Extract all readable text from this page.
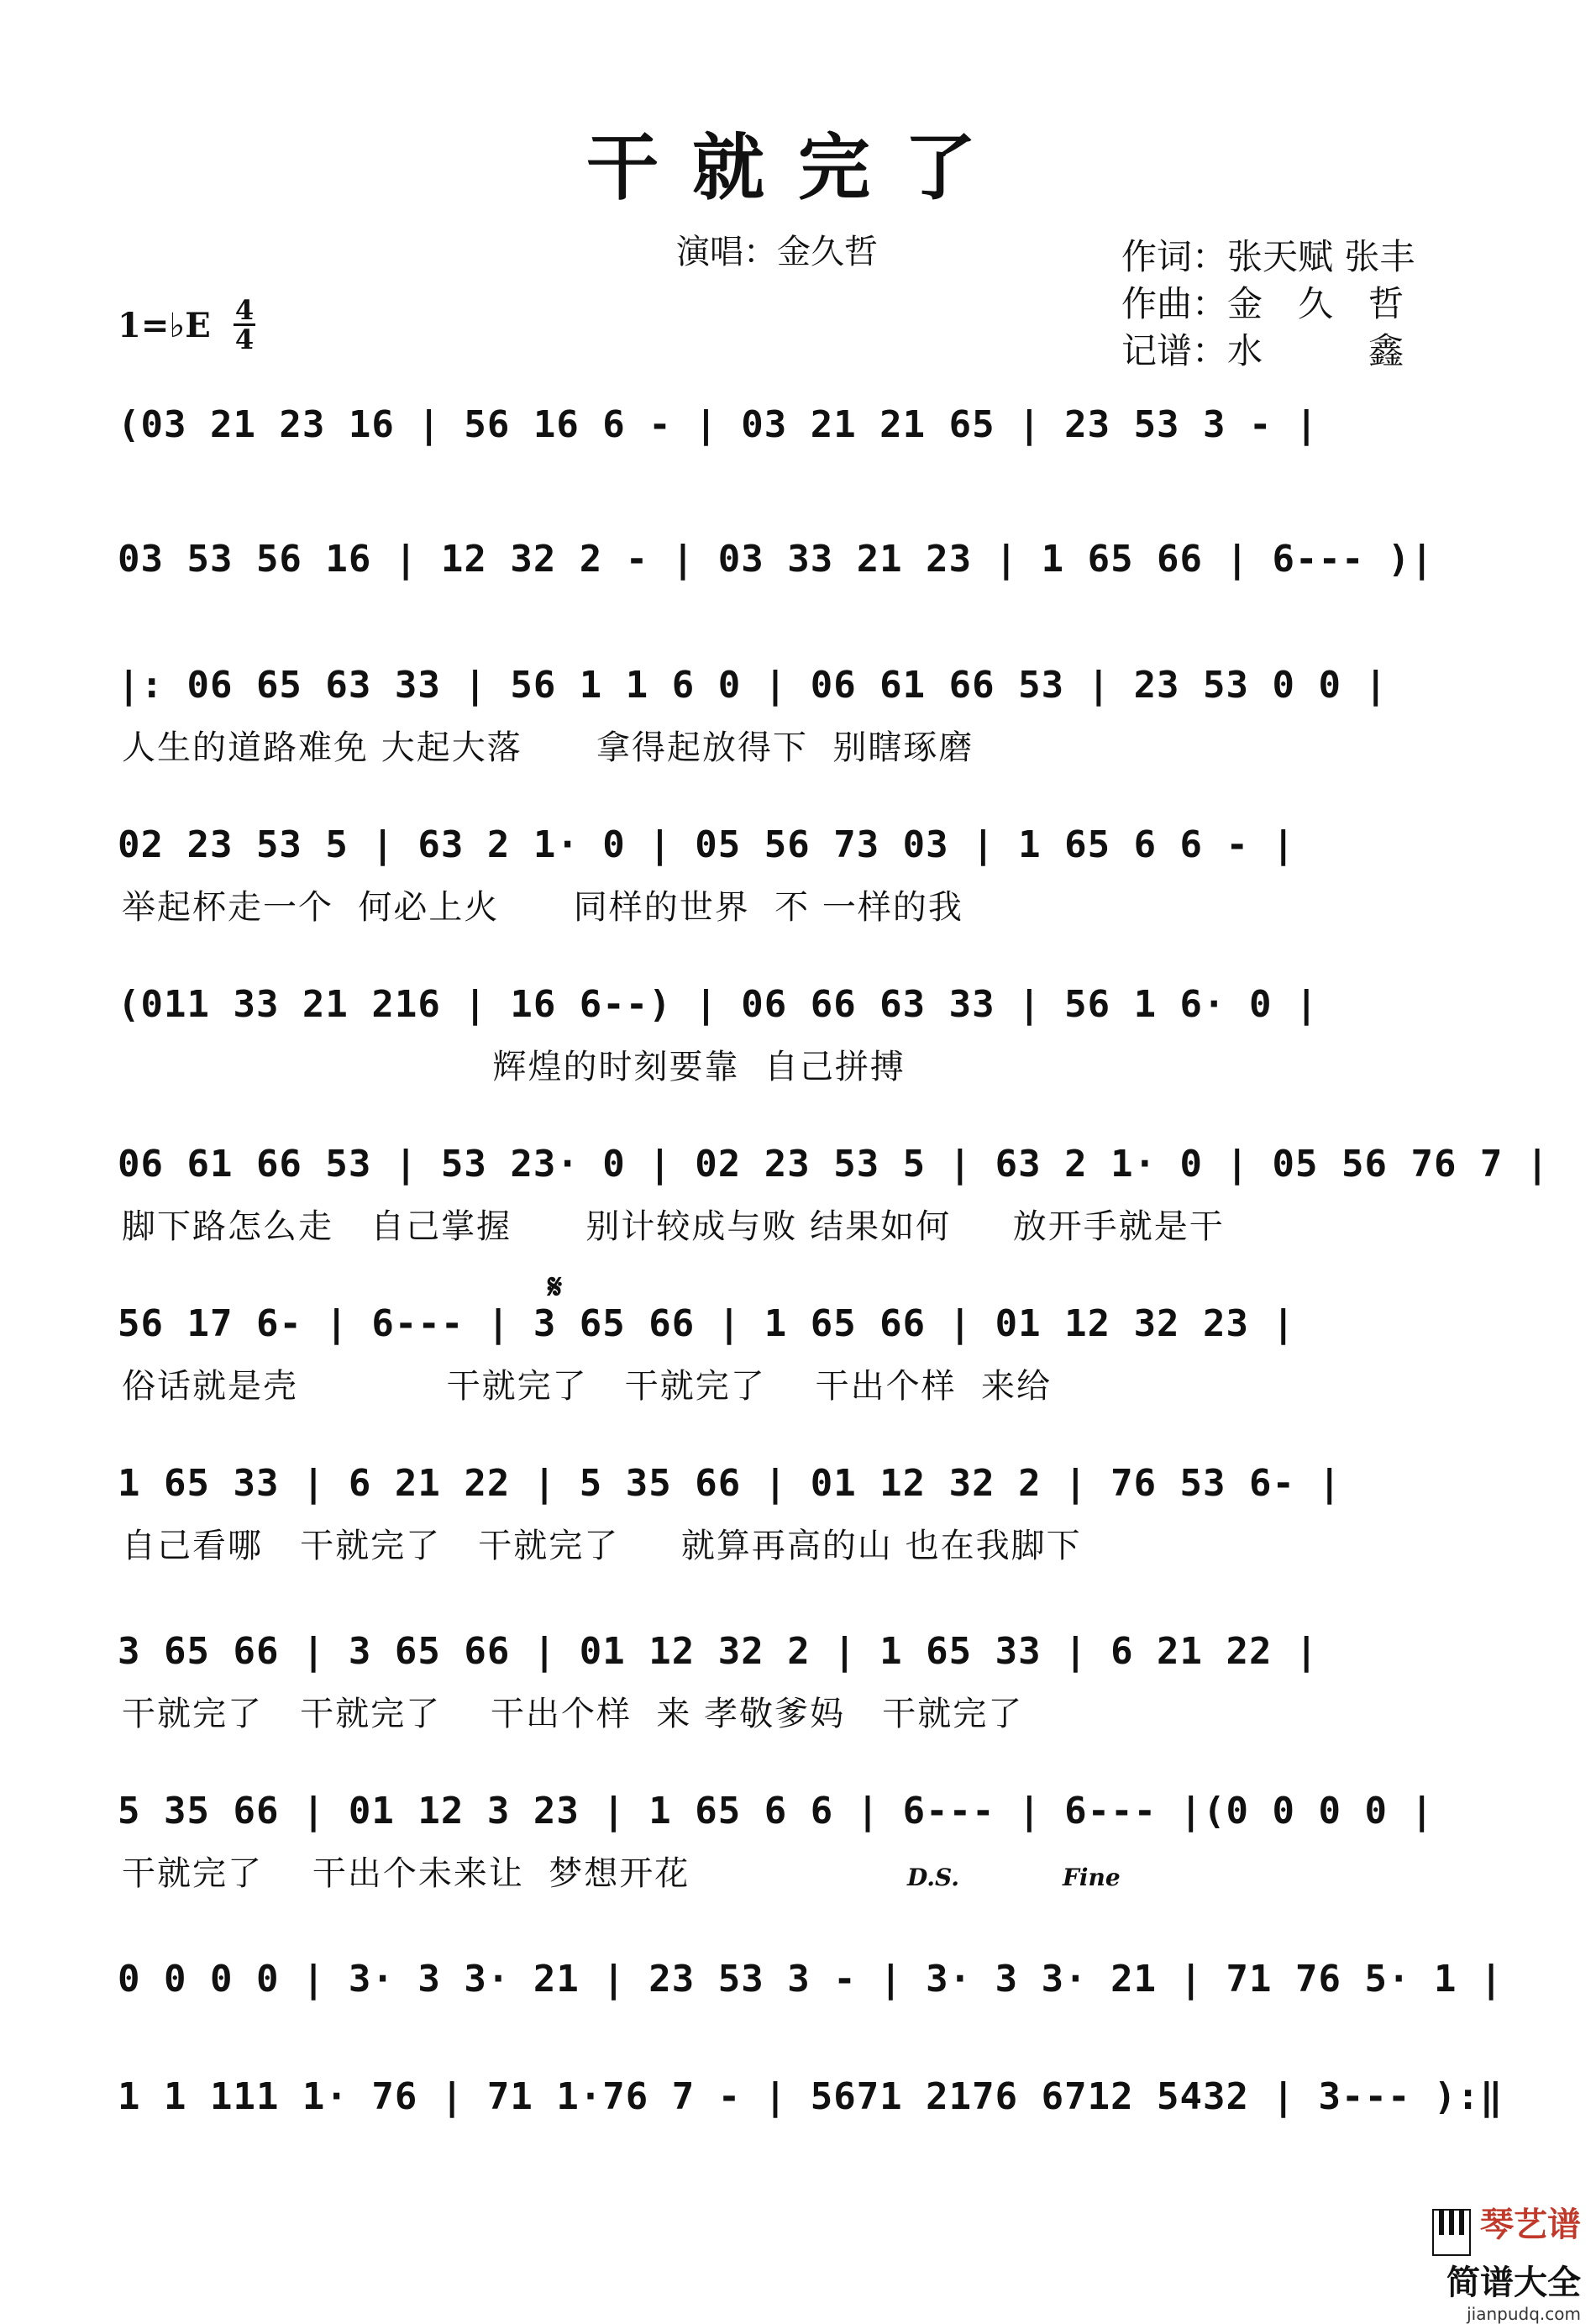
干就完了
演唱：金久哲	作词：张天赋 张丰
作曲：金　久　哲
记谱：水　　　鑫
1=♭E 4
4
(03 21 23 16 | 56 16 6 - | 03 21 21 65 | 23 53 3 - |
03 53 56 16 | 12 32 2 - | 03 33 21 23 | 1 65 66 | 6--- )|
|: 06 65 63 33 | 56 1 1 6 0 | 06 61 66 53 | 23 53 0 0 |
人生的道路难免 大起大落      拿得起放得下  别瞎琢磨
02 23 53 5 | 63 2 1· 0 | 05 56 73 03 | 1 65 6 6 - |
举起杯走一个  何必上火      同样的世界  不 一样的我
(011 33 21 216 | 16 6--) | 06 66 63 33 | 56 1 6· 0 |
辉煌的时刻要靠  自己拼搏
06 61 66 53 | 53 23· 0 | 02 23 53 5 | 63 2 1· 0 | 05 56 76 7 |
脚下路怎么走   自己掌握      别计较成与败 结果如何     放开手就是干
56 17 6- | 6--- | 3 65 66 | 1 65 66 | 01 12 32 23 |
俗话就是壳            干就完了   干就完了    干出个样  来给
1 65 33 | 6 21 22 | 5 35 66 | 01 12 32 2 | 76 53 6- |
自己看哪   干就完了   干就完了     就算再高的山 也在我脚下
3 65 66 | 3 65 66 | 01 12 32 2 | 1 65 33 | 6 21 22 |
干就完了   干就完了    干出个样  来 孝敬爹妈   干就完了
5 35 66 | 01 12 3 23 | 1 65 6 6 | 6--- | 6--- |(0 0 0 0 |
干就完了    干出个未来让  梦想开花
0 0 0 0 | 3· 3 3· 21 | 23 53 3 - | 3· 3 3· 21 | 71 76 5· 1 |
1 1 111 1· 76 | 71 1·76 7 - | 5671 2176 6712 5432 | 3--- ):‖
𝄋
D.S.	Fine
琴艺谱
简谱大全
jianpudq.com
